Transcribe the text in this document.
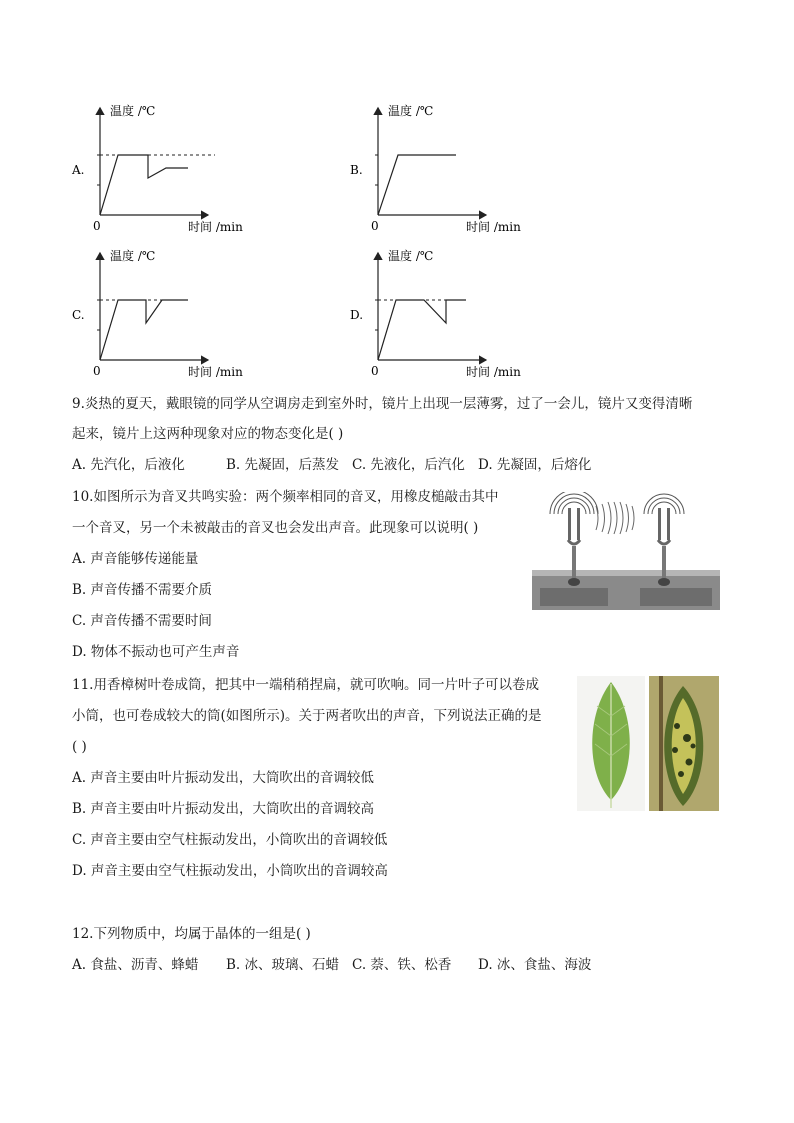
温度 /℃
时间 /min
0
A.
温度 /℃
时间 /min
0
B.
温度 /℃
时间 /min
0
C.
温度 /℃
时间 /min
0
D.
9.炎热的夏天，戴眼镜的同学从空调房走到室外时，镜片上出现一层薄雾，过了一会儿，镜片又变得清晰
起来，镜片上这两种现象对应的物态变化是( )
A. 先汽化，后液化	B. 先凝固，后蒸发 C. 先液化，后汽化 D. 先凝固，后熔化
10.如图所示为音叉共鸣实验：两个频率相同的音叉，用橡皮槌敲击其中
一个音叉，另一个未被敲击的音叉也会发出声音。此现象可以说明( )
A. 声音能够传递能量
B. 声音传播不需要介质
C. 声音传播不需要时间
D. 物体不振动也可产生声音
11.用香樟树叶卷成筒，把其中一端稍稍捏扁，就可吹响。同一片叶子可以卷成
小筒，也可卷成较大的筒(如图所示)。关于两者吹出的声音，下列说法正确的是
( )
A. 声音主要由叶片振动发出，大筒吹出的音调较低
B. 声音主要由叶片振动发出，大筒吹出的音调较高
C. 声音主要由空气柱振动发出，小筒吹出的音调较低
D. 声音主要由空气柱振动发出，小筒吹出的音调较高
12.下列物质中，均属于晶体的一组是( )
A. 食盐、沥青、蜂蜡 B. 冰、玻璃、石蜡 C. 萘、铁、松香 D. 冰、食盐、海波
